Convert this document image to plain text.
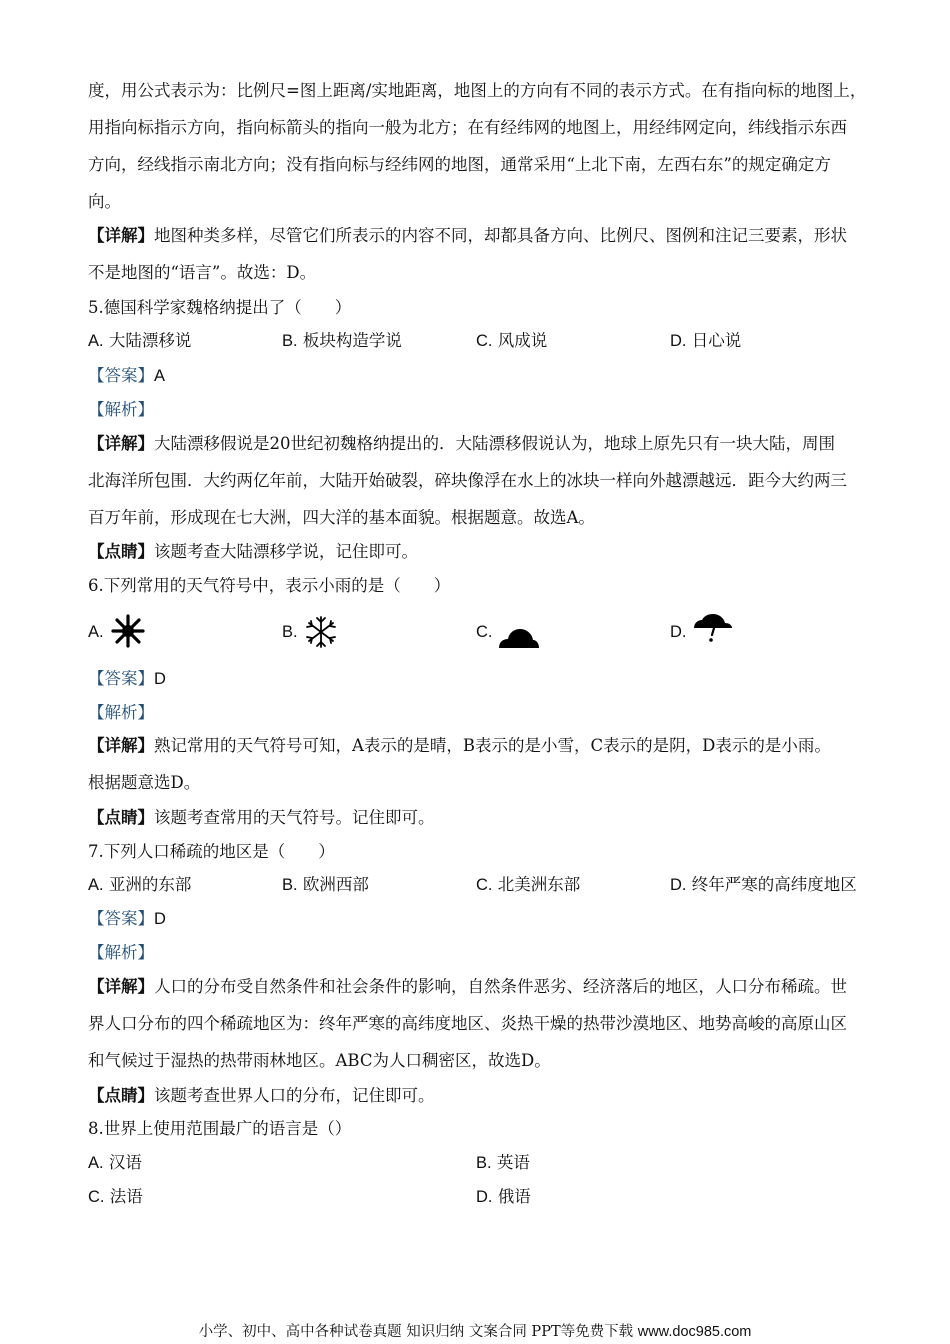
度，用公式表示为：比例尺=图上距离/实地距离，地图上的方向有不同的表示方式。在有指向标的地图上，
用指向标指示方向，指向标箭头的指向一般为北方；在有经纬网的地图上，用经纬网定向，纬线指示东西
方向，经线指示南北方向；没有指向标与经纬网的地图，通常采用“上北下南，左西右东”的规定确定方
向。
【详解】地图种类多样，尽管它们所表示的内容不同，却都具备方向、比例尺、图例和注记三要素，形状
不是地图的“语言”。故选：D。
5.德国科学家魏格纳提出了（　　）
A. 大陆漂移说	B. 板块构造学说	C. 风成说	D. 日心说
【答案】A
【解析】
【详解】大陆漂移假说是20世纪初魏格纳提出的．大陆漂移假说认为，地球上原先只有一块大陆，周围
北海洋所包围．大约两亿年前，大陆开始破裂，碎块像浮在水上的冰块一样向外越漂越远．距今大约两三
百万年前，形成现在七大洲，四大洋的基本面貌。根据题意。故选A。
【点睛】该题考查大陆漂移学说，记住即可。
6.下列常用的天气符号中，表示小雨的是（　　）
A.	B.	C.	D.
【答案】D
【解析】
【详解】熟记常用的天气符号可知，A表示的是晴，B表示的是小雪，C表示的是阴，D表示的是小雨。
根据题意选D。
【点睛】该题考查常用的天气符号。记住即可。
7.下列人口稀疏的地区是（　　）
A. 亚洲的东部	B. 欧洲西部	C. 北美洲东部	D. 终年严寒的高纬度地区
【答案】D
【解析】
【详解】人口的分布受自然条件和社会条件的影响，自然条件恶劣、经济落后的地区，人口分布稀疏。世
界人口分布的四个稀疏地区为：终年严寒的高纬度地区、炎热干燥的热带沙漠地区、地势高峻的高原山区
和气候过于湿热的热带雨林地区。ABC为人口稠密区，故选D。
【点睛】该题考查世界人口的分布，记住即可。
8.世界上使用范围最广的语言是（）
A. 汉语	B. 英语
C. 法语	D. 俄语
小学、初中、高中各种试卷真题 知识归纳 文案合同 PPT等免费下载 www.doc985.com
